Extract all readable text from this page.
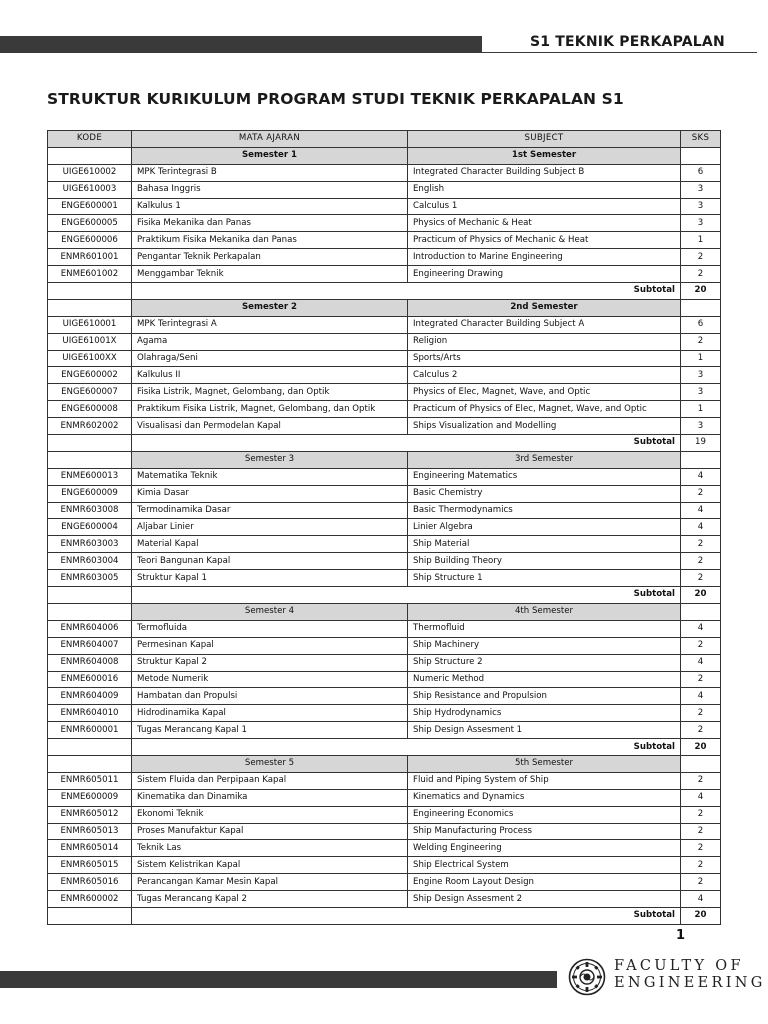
S1 TEKNIK PERKAPALAN
STRUKTUR KURIKULUM PROGRAM STUDI TEKNIK PERKAPALAN S1
KODE	MATA AJARAN	SUBJECT	SKS
	Semester 1	1st Semester	
UIGE610002	MPK Terintegrasi B	Integrated Character Building Subject B	6
UIGE610003	Bahasa Inggris	English	3
ENGE600001	Kalkulus 1	Calculus 1	3
ENGE600005	Fisika Mekanika dan Panas	Physics of Mechanic & Heat	3
ENGE600006	Praktikum Fisika Mekanika dan Panas	Practicum of Physics of Mechanic & Heat	1
ENMR601001	Pengantar Teknik Perkapalan	Introduction to Marine Engineering	2
ENME601002	Menggambar Teknik	Engineering Drawing	2
	Subtotal		20
	Semester 2	2nd Semester	
UIGE610001	MPK Terintegrasi A	Integrated Character Building Subject A	6
UIGE61001X	Agama	Religion	2
UIGE6100XX	Olahraga/Seni	Sports/Arts	1
ENGE600002	Kalkulus II	Calculus 2	3
ENGE600007	Fisika Listrik, Magnet, Gelombang, dan Optik	Physics of Elec, Magnet, Wave, and Optic	3
ENGE600008	Praktikum Fisika Listrik, Magnet, Gelombang, dan Optik	Practicum of Physics of Elec, Magnet, Wave, and Optic	1
ENMR602002	Visualisasi dan Permodelan Kapal	Ships Visualization and Modelling	3
	Subtotal		19
	Semester 3	3rd Semester	
ENME600013	Matematika Teknik	Engineering Matematics	4
ENGE600009	Kimia Dasar	Basic Chemistry	2
ENMR603008	Termodinamika Dasar	Basic Thermodynamics	4
ENGE600004	Aljabar Linier	Linier Algebra	4
ENMR603003	Material Kapal	Ship Material	2
ENMR603004	Teori Bangunan Kapal	Ship Building Theory	2
ENMR603005	Struktur Kapal 1	Ship Structure 1	2
	Subtotal		20
	Semester 4	4th Semester	
ENMR604006	Termofluida	Thermofluid	4
ENMR604007	Permesinan Kapal	Ship Machinery	2
ENMR604008	Struktur Kapal 2	Ship Structure 2	4
ENME600016	Metode Numerik	Numeric Method	2
ENMR604009	Hambatan dan Propulsi	Ship Resistance and Propulsion	4
ENMR604010	Hidrodinamika Kapal	Ship Hydrodynamics	2
ENMR600001	Tugas Merancang Kapal 1	Ship Design Assesment 1	2
	Subtotal		20
	Semester 5	5th Semester	
ENMR605011	Sistem Fluida dan Perpipaan Kapal	Fluid and Piping System of Ship	2
ENME600009	Kinematika dan Dinamika	Kinematics and Dynamics	4
ENMR605012	Ekonomi Teknik	Engineering Economics	2
ENMR605013	Proses Manufaktur Kapal	Ship Manufacturing Process	2
ENMR605014	Teknik Las	Welding Engineering	2
ENMR605015	Sistem Kelistrikan Kapal	Ship Electrical System	2
ENMR605016	Perancangan Kamar Mesin Kapal	Engine Room Layout Design	2
ENMR600002	Tugas Merancang Kapal 2	Ship Design Assesment 2	4
	Subtotal		20
1
FACULTY OF
ENGINEERING
